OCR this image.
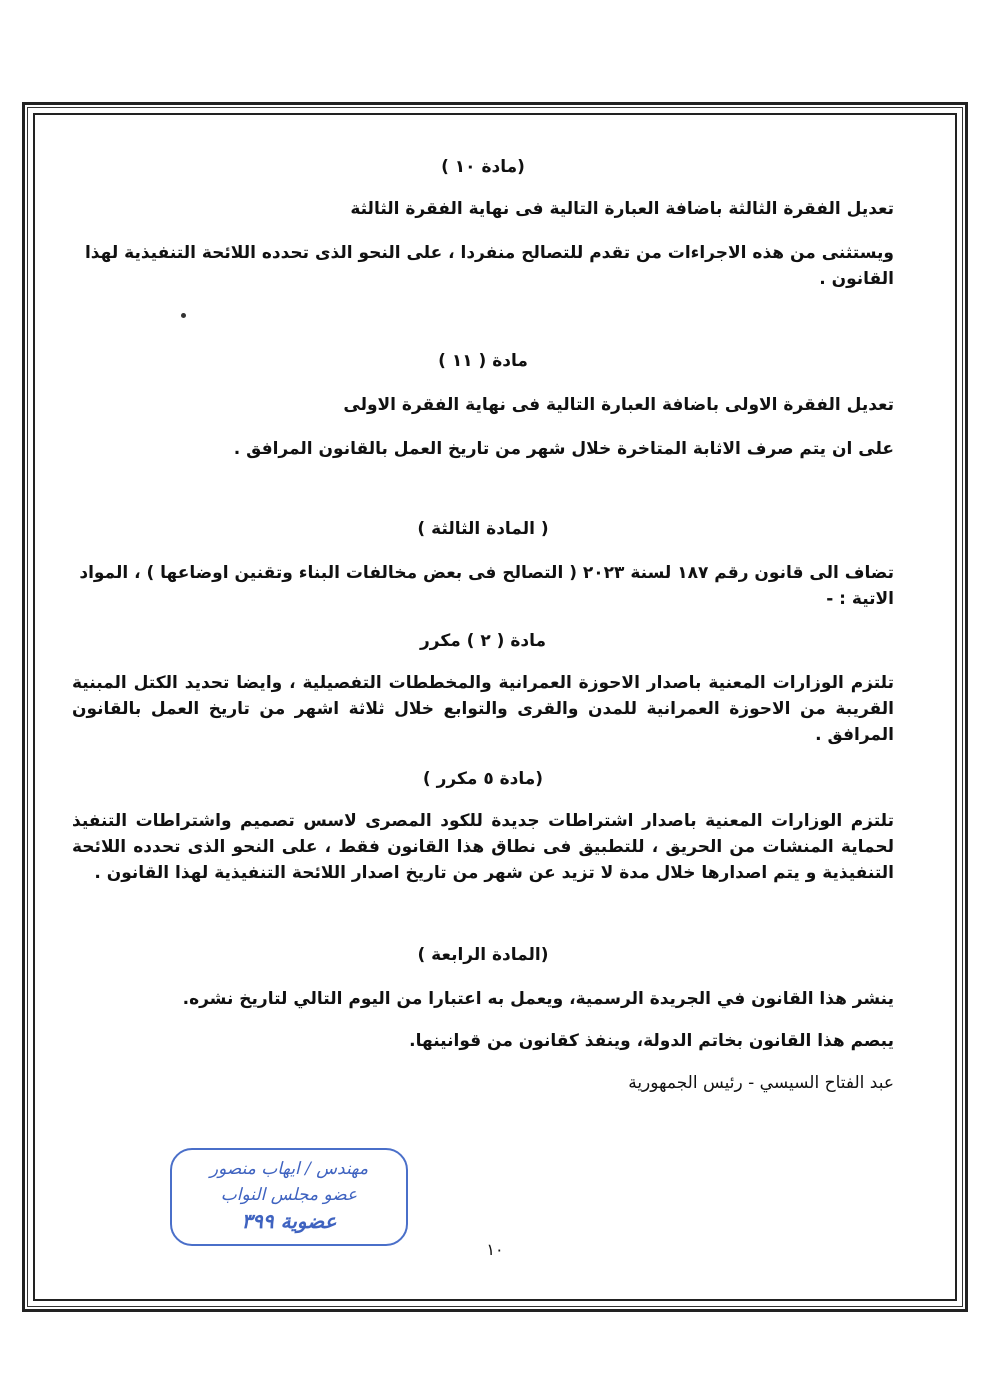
(مادة ١٠ )

تعديل الفقرة الثالثة باضافة العبارة التالية فى نهاية الفقرة الثالثة

ويستثنى من هذه الاجراءات من تقدم للتصالح منفردا ، على النحو الذى تحدده اللائحة التنفيذية لهذا القانون .

مادة ( ١١ )

تعديل الفقرة الاولى باضافة العبارة التالية فى نهاية الفقرة الاولى

على ان يتم صرف الاثابة المتاخرة خلال شهر من تاريخ العمل بالقانون المرافق .

( المادة الثالثة )

تضاف الى قانون رقم ١٨٧ لسنة ٢٠٢٣ ( التصالح فى بعض مخالفات البناء وتقنين اوضاعها ) ، المواد الاتية : -

مادة ( ٢ ) مكرر

تلتزم الوزارات المعنية باصدار الاحوزة العمرانية والمخططات التفصيلية ، وايضا تحديد الكتل المبنية القريبة من الاحوزة العمرانية للمدن والقرى والتوابع خلال ثلاثة اشهر من تاريخ العمل بالقانون المرافق .

(مادة ٥ مكرر )

تلتزم الوزارات المعنية باصدار اشتراطات جديدة للكود المصرى لاسس تصميم واشتراطات التنفيذ لحماية المنشات من الحريق ، للتطبيق فى نطاق هذا القانون فقط ، على النحو الذى تحدده اللائحة التنفيذية و يتم اصدارها خلال مدة لا تزيد عن شهر من تاريخ اصدار اللائحة التنفيذية لهذا القانون .

(المادة الرابعة )

ينشر هذا القانون في الجريدة الرسمية، ويعمل به اعتبارا من اليوم التالي لتاريخ نشره.

يبصم هذا القانون بخاتم الدولة، وينفذ كقانون من قوانينها.

عبد الفتاح السيسي - رئيس الجمهورية

مهندس / ايهاب منصور
عضو مجلس النواب
عضوية ٣٩٩
١٠
